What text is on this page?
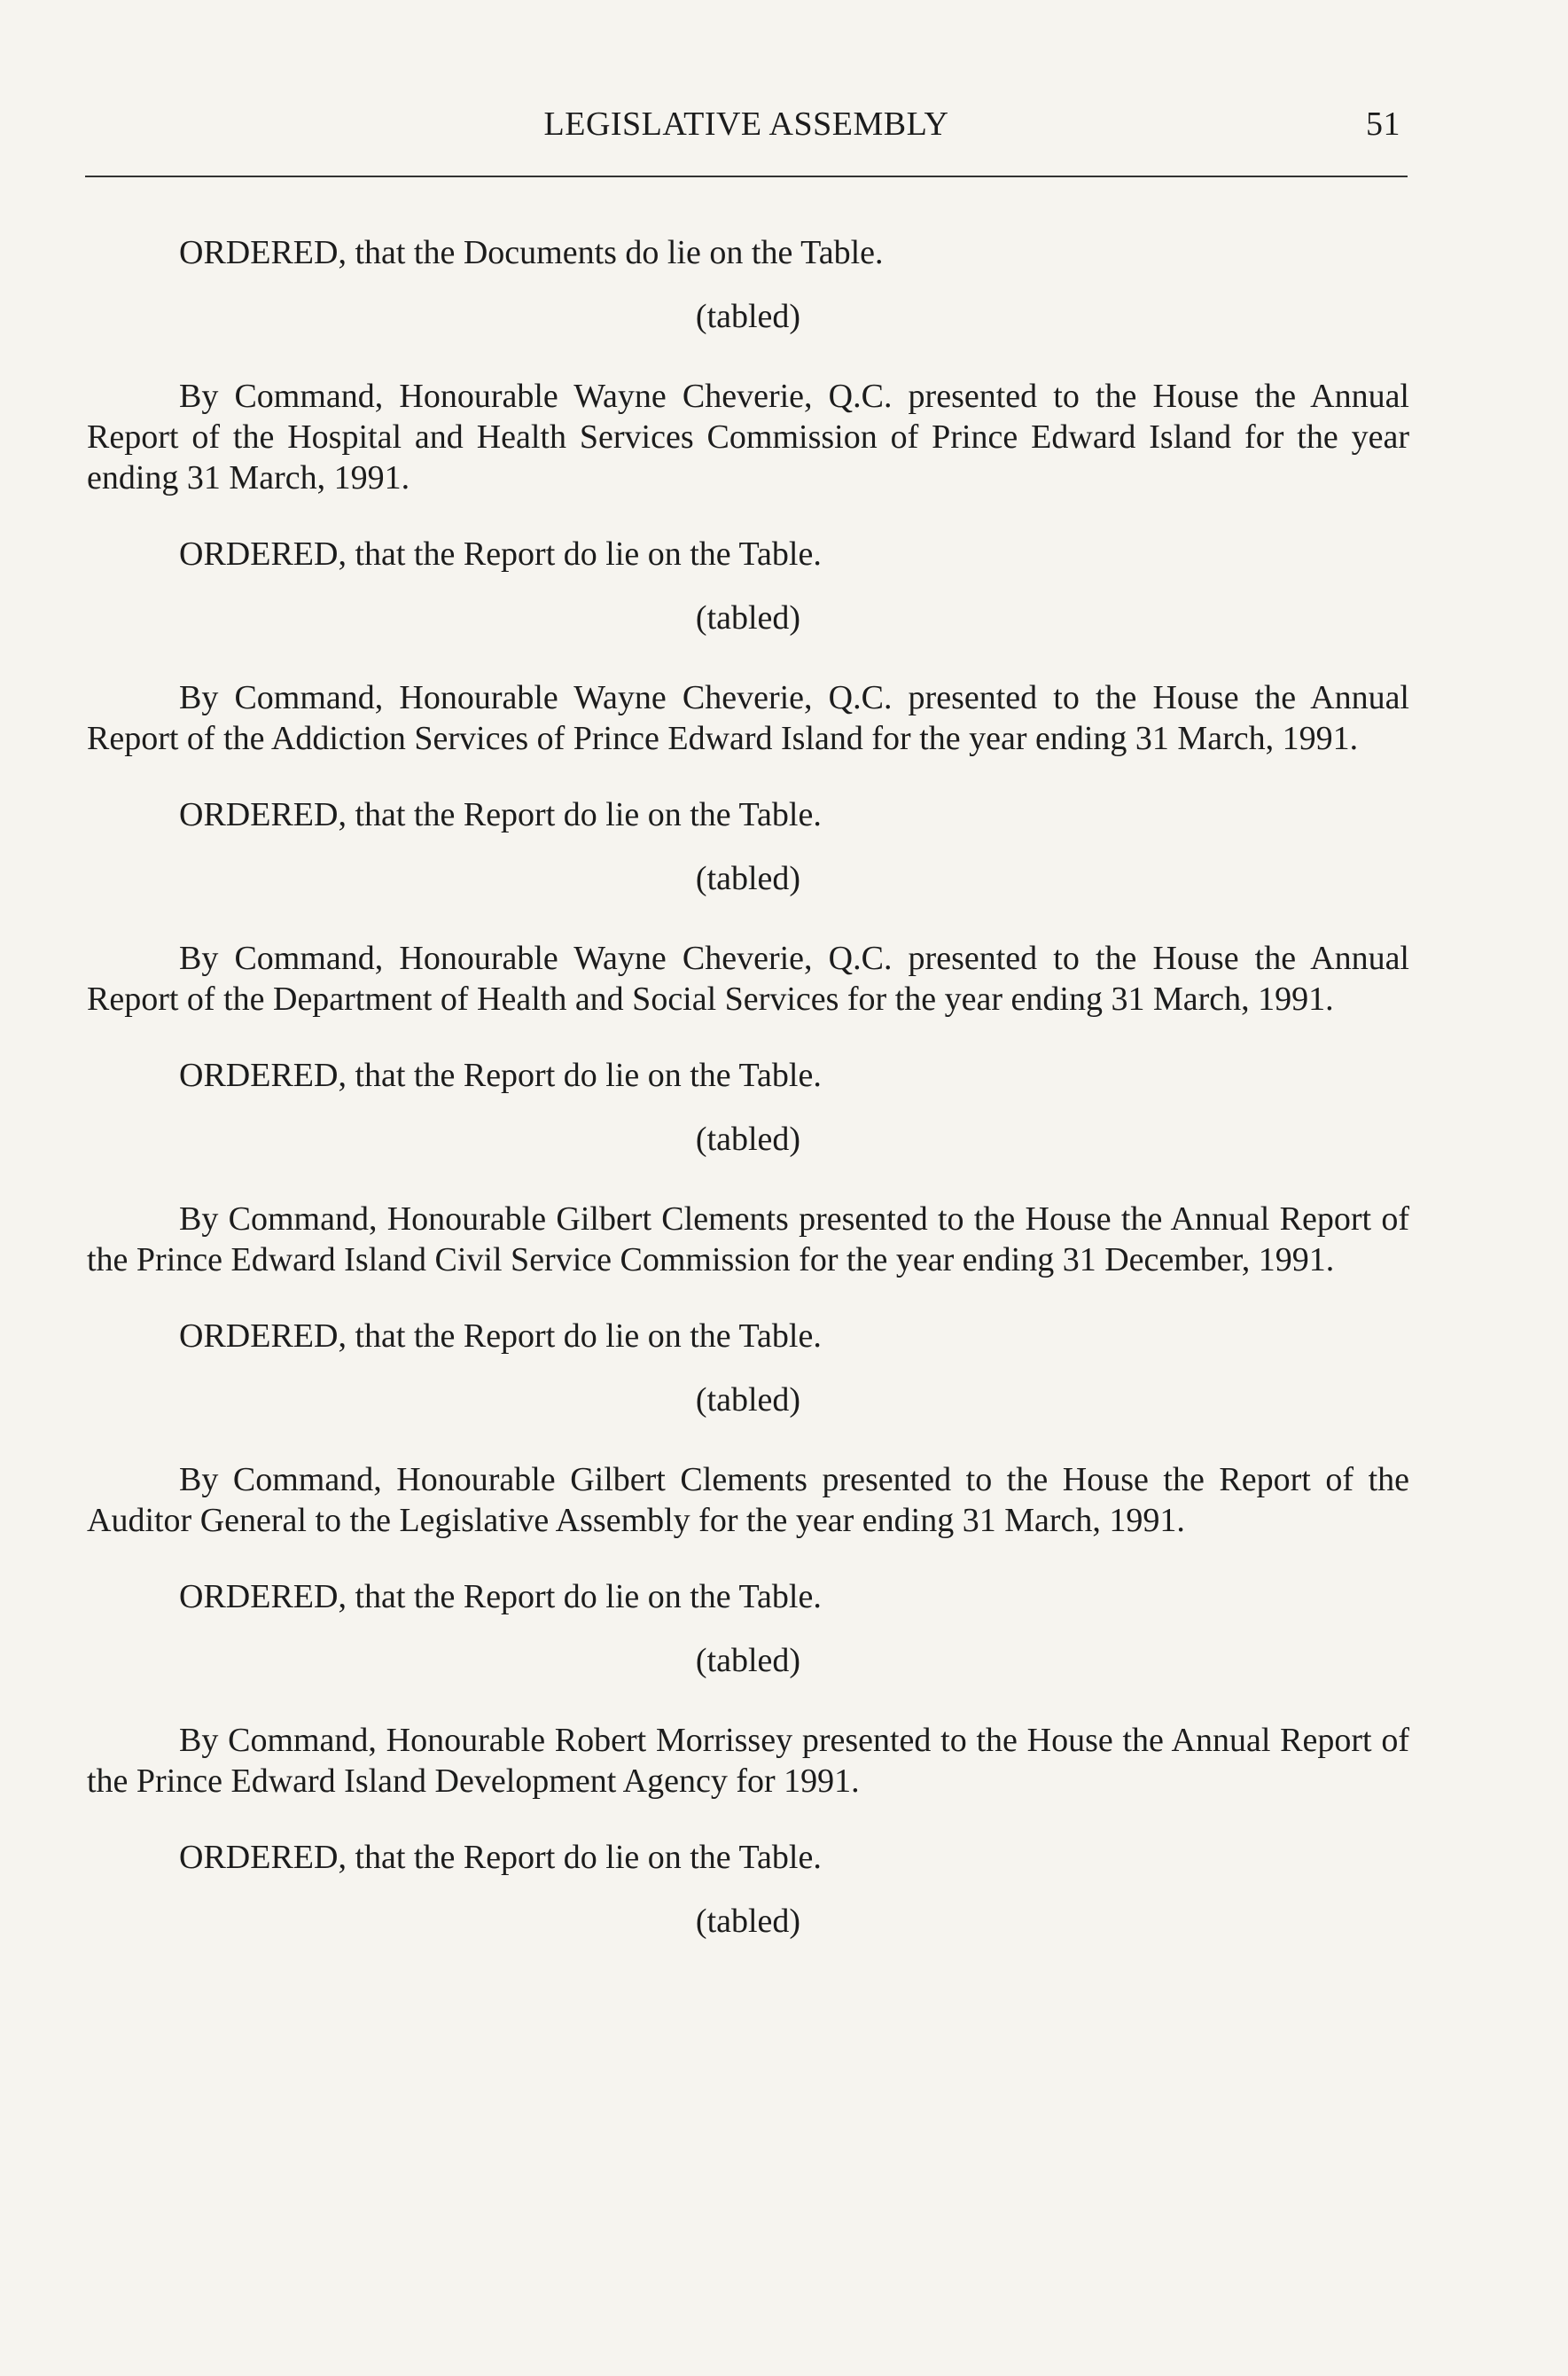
LEGISLATIVE ASSEMBLY	51

ORDERED, that the Documents do lie on the Table.

(tabled)

By Command, Honourable Wayne Cheverie, Q.C. presented to the House the Annual Report of the Hospital and Health Services Commission of Prince Edward Island for the year ending 31 March, 1991.

ORDERED, that the Report do lie on the Table.

(tabled)

By Command, Honourable Wayne Cheverie, Q.C. presented to the House the Annual Report of the Addiction Services of Prince Edward Island for the year ending 31 March, 1991.

ORDERED, that the Report do lie on the Table.

(tabled)

By Command, Honourable Wayne Cheverie, Q.C. presented to the House the Annual Report of the Department of Health and Social Services for the year ending 31 March, 1991.

ORDERED, that the Report do lie on the Table.

(tabled)

By Command, Honourable Gilbert Clements presented to the House the Annual Report of the Prince Edward Island Civil Service Commission for the year ending 31 December, 1991.

ORDERED, that the Report do lie on the Table.

(tabled)

By Command, Honourable Gilbert Clements presented to the House the Report of the Auditor General to the Legislative Assembly for the year ending 31 March, 1991.

ORDERED, that the Report do lie on the Table.

(tabled)

By Command, Honourable Robert Morrissey presented to the House the Annual Report of the Prince Edward Island Development Agency for 1991.

ORDERED, that the Report do lie on the Table.

(tabled)
